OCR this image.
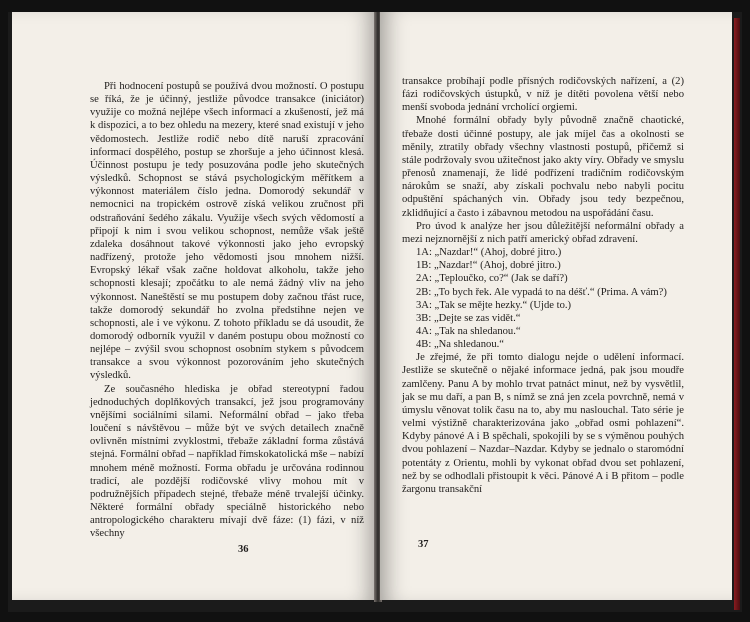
Při hodnocení postupů se používá dvou možností. O postupu se říká, že je účinný, jestliže původce transakce (iniciátor) využije co možná nejlépe všech informací a zkušeností, jež má k dispozici, a to bez ohledu na mezery, které snad existují v jeho vědomostech. Jestliže rodič nebo dítě naruší zpracování informací dospělého, postup se zhoršuje a jeho účinnost klesá. Účinnost postupu je tedy posuzována podle jeho skutečných výsledků. Schopnost se stává psychologickým měřítkem a výkonnost materiálem číslo jedna. Domorodý sekundář v nemocnici na tropickém ostrově získá velikou zručnost při odstraňování šedého zákalu. Využije všech svých vědomostí a připojí k nim i svou velikou schopnost, nemůže však ještě zdaleka dosáhnout takové výkonnosti jako jeho evropský nadřízený, protože jeho vědomosti jsou mnohem nižší. Evropský lékař však začne holdovat alkoholu, takže jeho schopnosti klesají; zpočátku to ale nemá žádný vliv na jeho výkonnost. Naneštěstí se mu postupem doby začnou třást ruce, takže domorodý sekundář ho zvolna předstihne nejen ve schopnosti, ale i ve výkonu. Z tohoto příkladu se dá usoudit, že domorodý odborník využil v daném postupu obou možností co nejlépe – zvýšil svou schopnost osobním stykem s původcem transakce a svou výkonnost pozorováním jeho skutečných výsledků.

Ze současného hlediska je obřad stereotypní řadou jednoduchých doplňkových transakcí, jež jsou programovány vnějšími sociálními silami. Neformální obřad – jako třeba loučení s návštěvou – může být ve svých detailech značně ovlivněn místními zvyklostmi, třebaže základní forma zůstává stejná. Formální obřad – například římskokatolická mše – nabízí mnohem méně možností. Forma obřadu je určována rodinnou tradicí, ale pozdější rodičovské vlivy mohou mít v podružnějších případech stejné, třebaže méně trvalejší účinky. Některé formální obřady speciálně historického nebo antropologického charakteru mívají dvě fáze: (1) fázi, v níž všechny

36

transakce probíhají podle přísných rodičovských nařízení, a (2) fázi rodičovských ústupků, v níž je dítěti povolena větší nebo menší svoboda jednání vrcholící orgiemi.

Mnohé formální obřady byly původně značně chaotické, třebaže dosti účinné postupy, ale jak míjel čas a okolnosti se měnily, ztratily obřady všechny vlastnosti postupů, přičemž si stále podržovaly svou užitečnost jako akty víry. Obřady ve smyslu přenosů znamenají, že lidé podřízení tradičním rodičovským nárokům se snaží, aby získali pochvalu nebo nabyli pocitu odpuštění spáchaných vin. Obřady jsou tedy bezpečnou, zklidňující a často i zábavnou metodou na uspořádání času.

Pro úvod k analýze her jsou důležitější neformální obřady a mezi nejznornější z nich patří americký obřad zdravení.

1A: „Nazdar!“ (Ahoj, dobré jitro.)
1B: „Nazdar!“ (Ahoj, dobré jitro.)
2A: „Teploučko, co?“ (Jak se daří?)
2B: „To bych řek. Ale vypadá to na déšť.“ (Prima. A vám?)
3A: „Tak se mějte hezky.“ (Ujde to.)
3B: „Dejte se zas vidět.“
4A: „Tak na shledanou.“
4B: „Na shledanou.“

Je zřejmé, že při tomto dialogu nejde o udělení informací. Jestliže se skutečně o nějaké informace jedná, pak jsou moudře zamlčeny. Panu A by mohlo trvat patnáct minut, než by vysvětlil, jak se mu daří, a pan B, s nímž se zná jen zcela povrchně, nemá v úmyslu věnovat tolik času na to, aby mu naslouchal. Tato série je velmi výstižně charakterizována jako „obřad osmi pohlazení“. Kdyby pánové A i B spěchali, spokojili by se s výměnou pouhých dvou pohlazení – Nazdar–Nazdar. Kdyby se jednalo o staromódní potentáty z Orientu, mohli by vykonat obřad dvou set pohlazení, než by se odhodlali přistoupit k věci. Pánové A i B přitom – podle žargonu transakční

37
